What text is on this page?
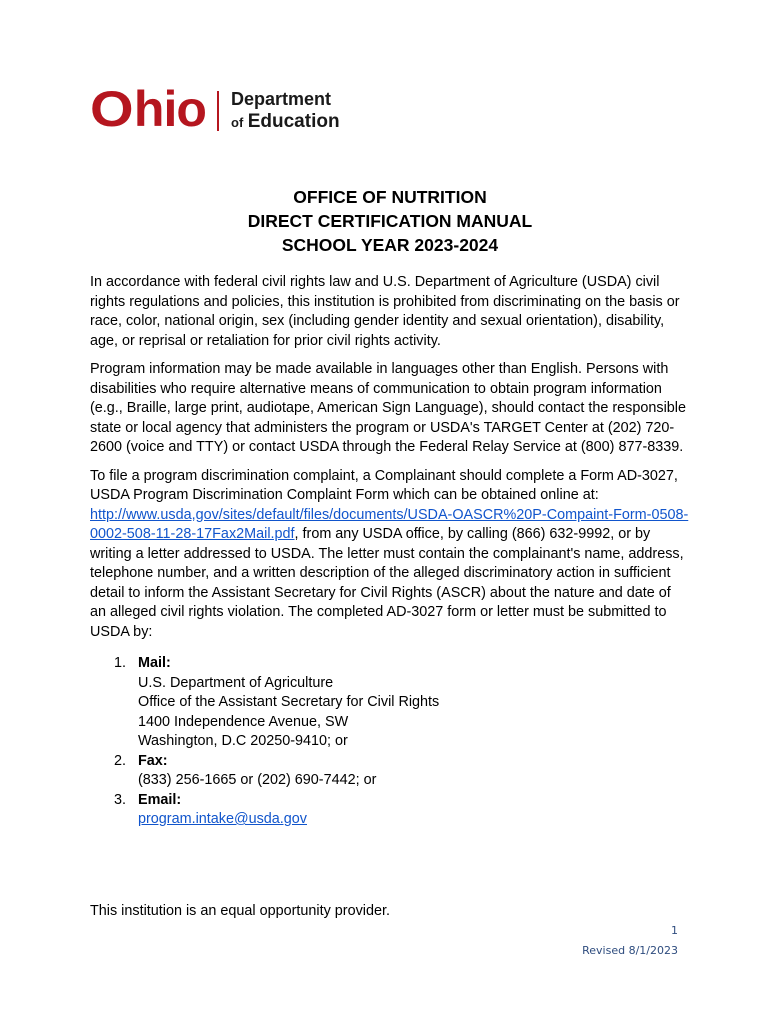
Ohio Department
of Education
OFFICE OF NUTRITION
DIRECT CERTIFICATION MANUAL
SCHOOL YEAR 2023-2024

In accordance with federal civil rights law and U.S. Department of Agriculture (USDA) civil rights regulations and policies, this institution is prohibited from discriminating on the basis or race, color, national origin, sex (including gender identity and sexual orientation), disability, age, or reprisal or retaliation for prior civil rights activity.

Program information may be made available in languages other than English. Persons with disabilities who require alternative means of communication to obtain program information (e.g., Braille, large print, audiotape, American Sign Language), should contact the responsible state or local agency that administers the program or USDA's TARGET Center at (202) 720-2600 (voice and TTY) or contact USDA through the Federal Relay Service at (800) 877-8339.

To file a program discrimination complaint, a Complainant should complete a Form AD-3027, USDA Program Discrimination Complaint Form which can be obtained online at: http://www.usda,gov/sites/default/files/documents/USDA-OASCR%20P-Compaint-Form-0508-0002-508-11-28-17Fax2Mail.pdf, from any USDA office, by calling (866) 632-9992, or by writing a letter addressed to USDA. The letter must contain the complainant's name, address, telephone number, and a written description of the alleged discriminatory action in sufficient detail to inform the Assistant Secretary for Civil Rights (ASCR) about the nature and date of an alleged civil rights violation. The completed AD-3027 form or letter must be submitted to USDA by:

1. Mail:
U.S. Department of Agriculture
Office of the Assistant Secretary for Civil Rights
1400 Independence Avenue, SW
Washington, D.C 20250-9410; or
2. Fax:
(833) 256-1665 or (202) 690-7442; or
3. Email:
program.intake@usda.gov
This institution is an equal opportunity provider.
1
Revised 8/1/2023
